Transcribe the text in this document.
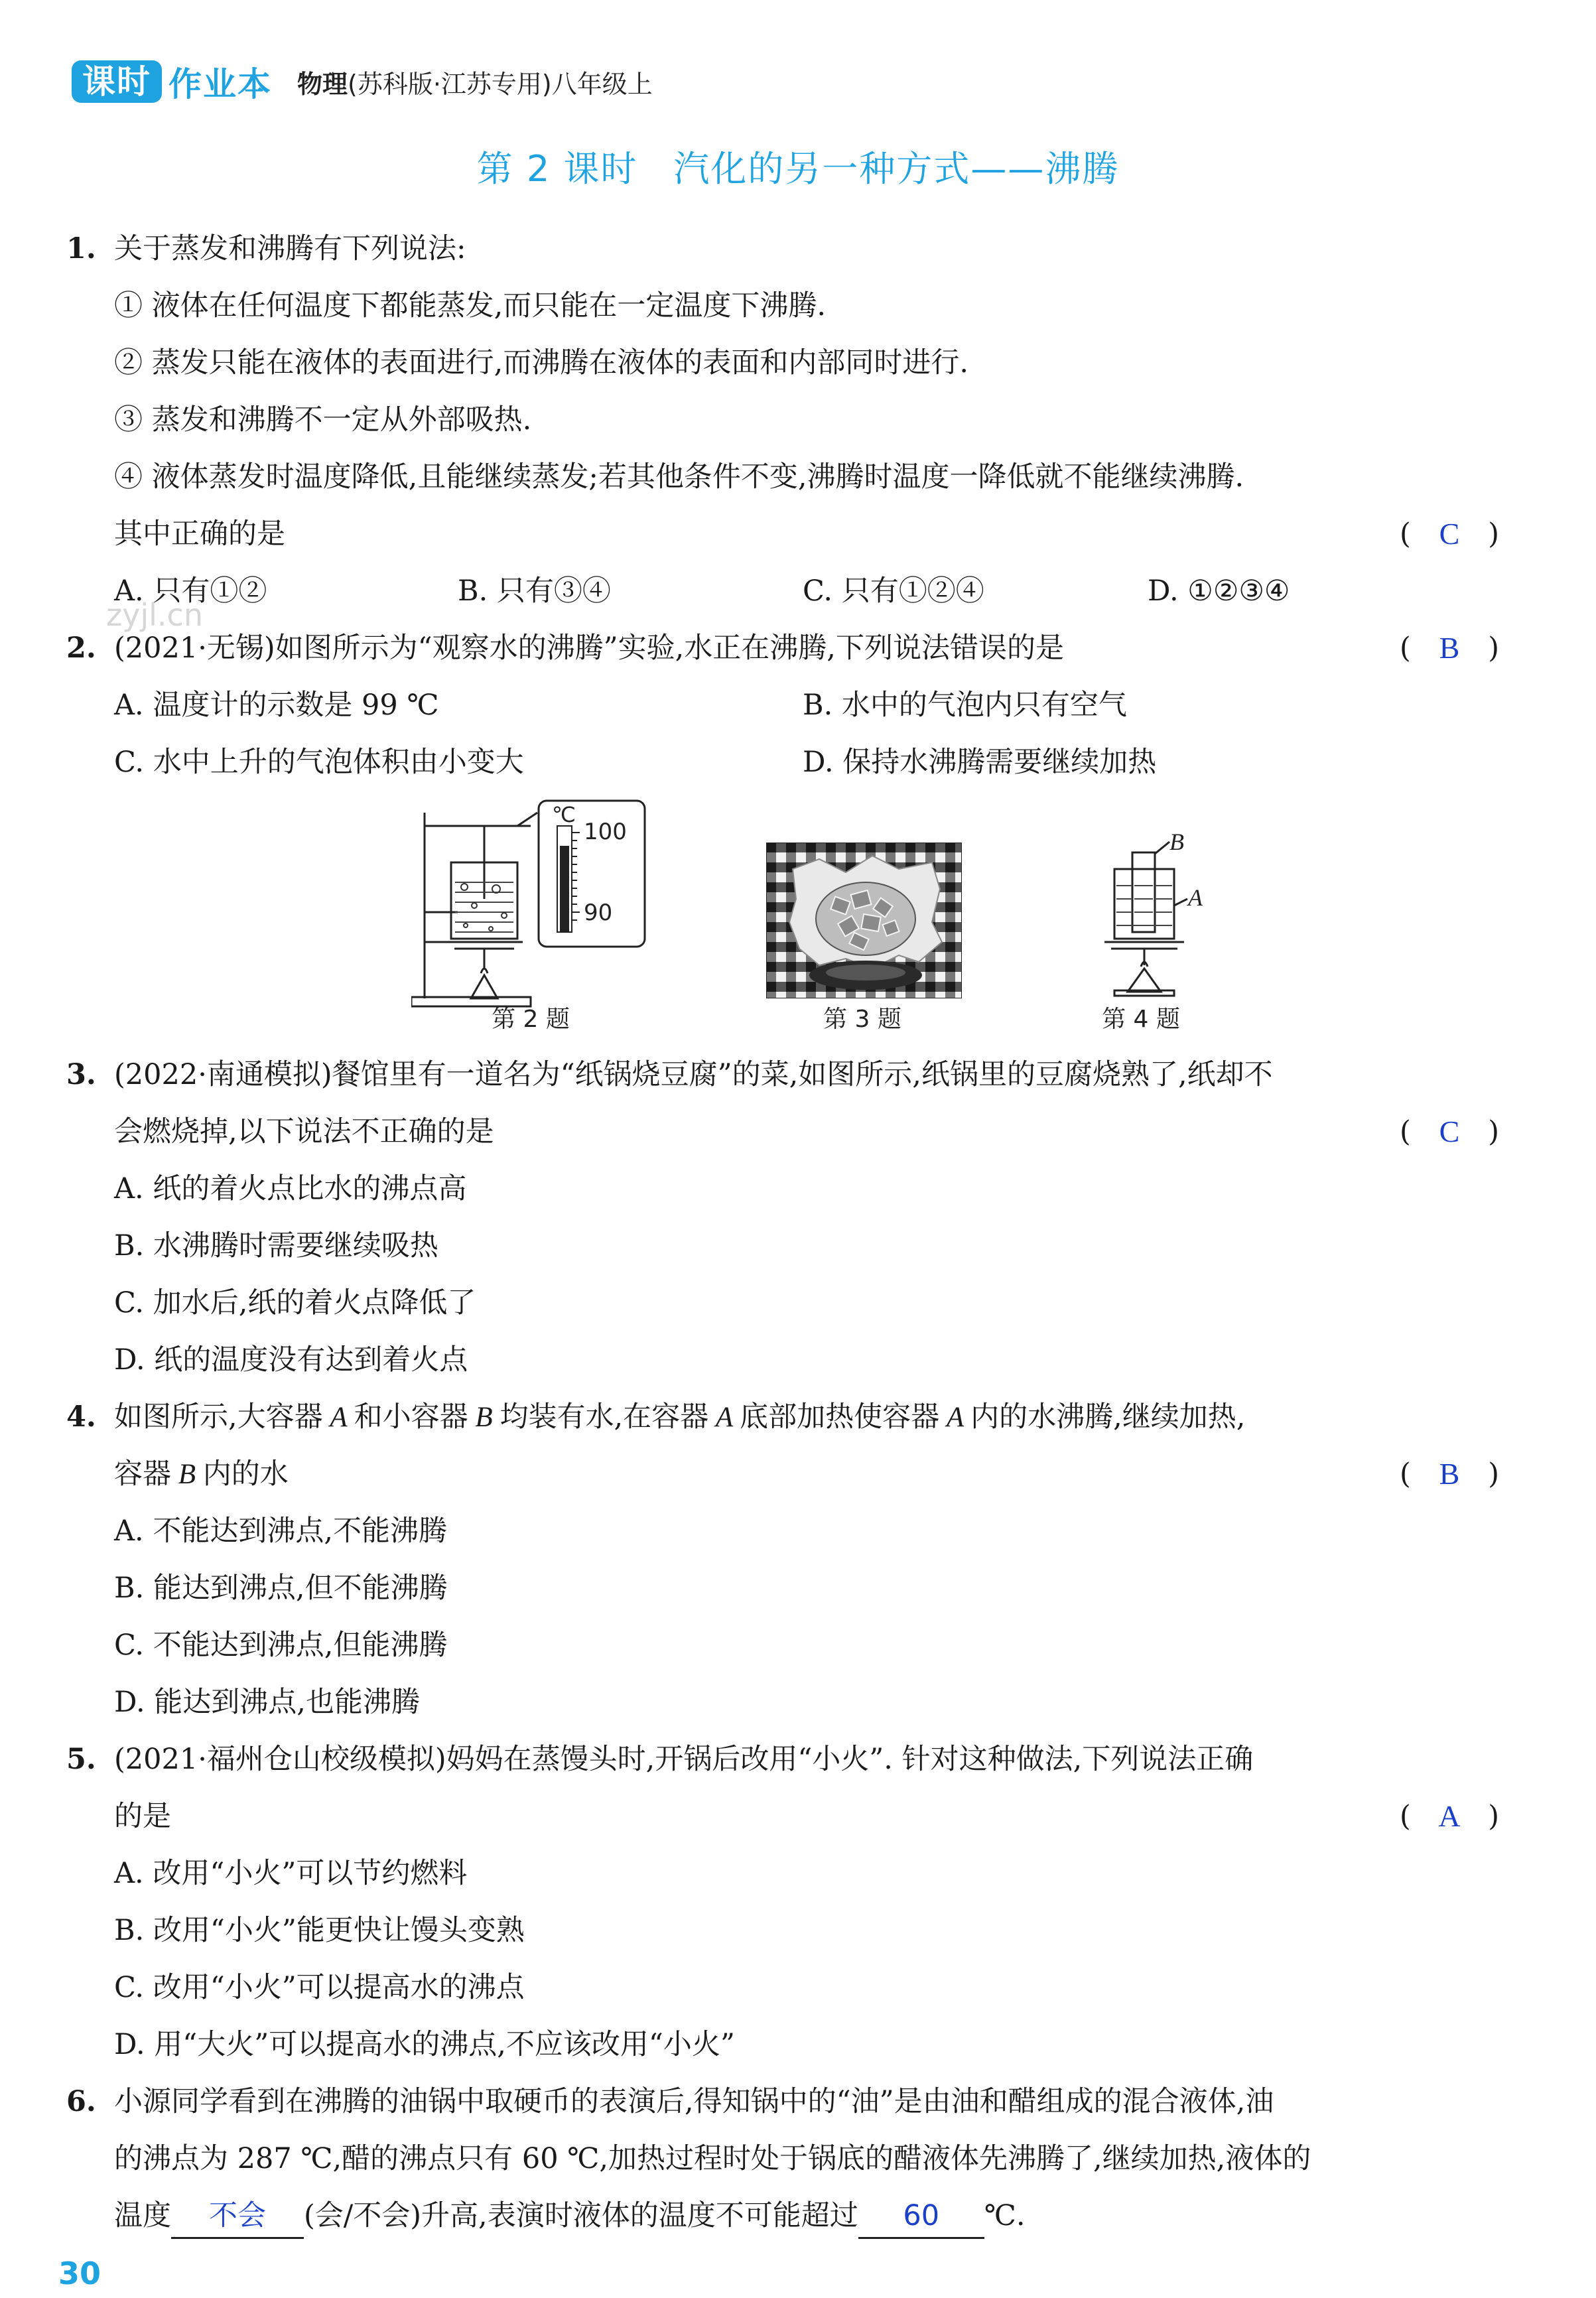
课时 作业本 物理(苏科版·江苏专用)八年级上
第 2 课时 汽化的另一种方式——沸腾
zyjl.cn
1. 关于蒸发和沸腾有下列说法:
① 液体在任何温度下都能蒸发,而只能在一定温度下沸腾.
② 蒸发只能在液体的表面进行,而沸腾在液体的表面和内部同时进行.
③ 蒸发和沸腾不一定从外部吸热.
④ 液体蒸发时温度降低,且能继续蒸发;若其他条件不变,沸腾时温度一降低就不能继续沸腾.
其中正确的是	( C )
A. 只有①②	B. 只有③④	C. 只有①②④	D. ①②③④
2. (2021·无锡)如图所示为“观察水的沸腾”实验,水正在沸腾,下列说法错误的是	( B )
A. 温度计的示数是 99 ℃	B. 水中的气泡内只有空气
C. 水中上升的气泡体积由小变大	D. 保持水沸腾需要继续加热
℃
100
90
第 2 题	第 3 题
B
A
第 4 题
3. (2022·南通模拟)餐馆里有一道名为“纸锅烧豆腐”的菜,如图所示,纸锅里的豆腐烧熟了,纸却不
会燃烧掉,以下说法不正确的是	( C )
A. 纸的着火点比水的沸点高
B. 水沸腾时需要继续吸热
C. 加水后,纸的着火点降低了
D. 纸的温度没有达到着火点
4. 如图所示,大容器 A 和小容器 B 均装有水,在容器 A 底部加热使容器 A 内的水沸腾,继续加热,
容器 B 内的水	( B )
A. 不能达到沸点,不能沸腾
B. 能达到沸点,但不能沸腾
C. 不能达到沸点,但能沸腾
D. 能达到沸点,也能沸腾
5. (2021·福州仓山校级模拟)妈妈在蒸馒头时,开锅后改用“小火”. 针对这种做法,下列说法正确
的是	( A )
A. 改用“小火”可以节约燃料
B. 改用“小火”能更快让馒头变熟
C. 改用“小火”可以提高水的沸点
D. 用“大火”可以提高水的沸点,不应该改用“小火”
6. 小源同学看到在沸腾的油锅中取硬币的表演后,得知锅中的“油”是由油和醋组成的混合液体,油
的沸点为 287 ℃,醋的沸点只有 60 ℃,加热过程时处于锅底的醋液体先沸腾了,继续加热,液体的
温度 不会 (会/不会)升高,表演时液体的温度不可能超过 60 ℃.
30
